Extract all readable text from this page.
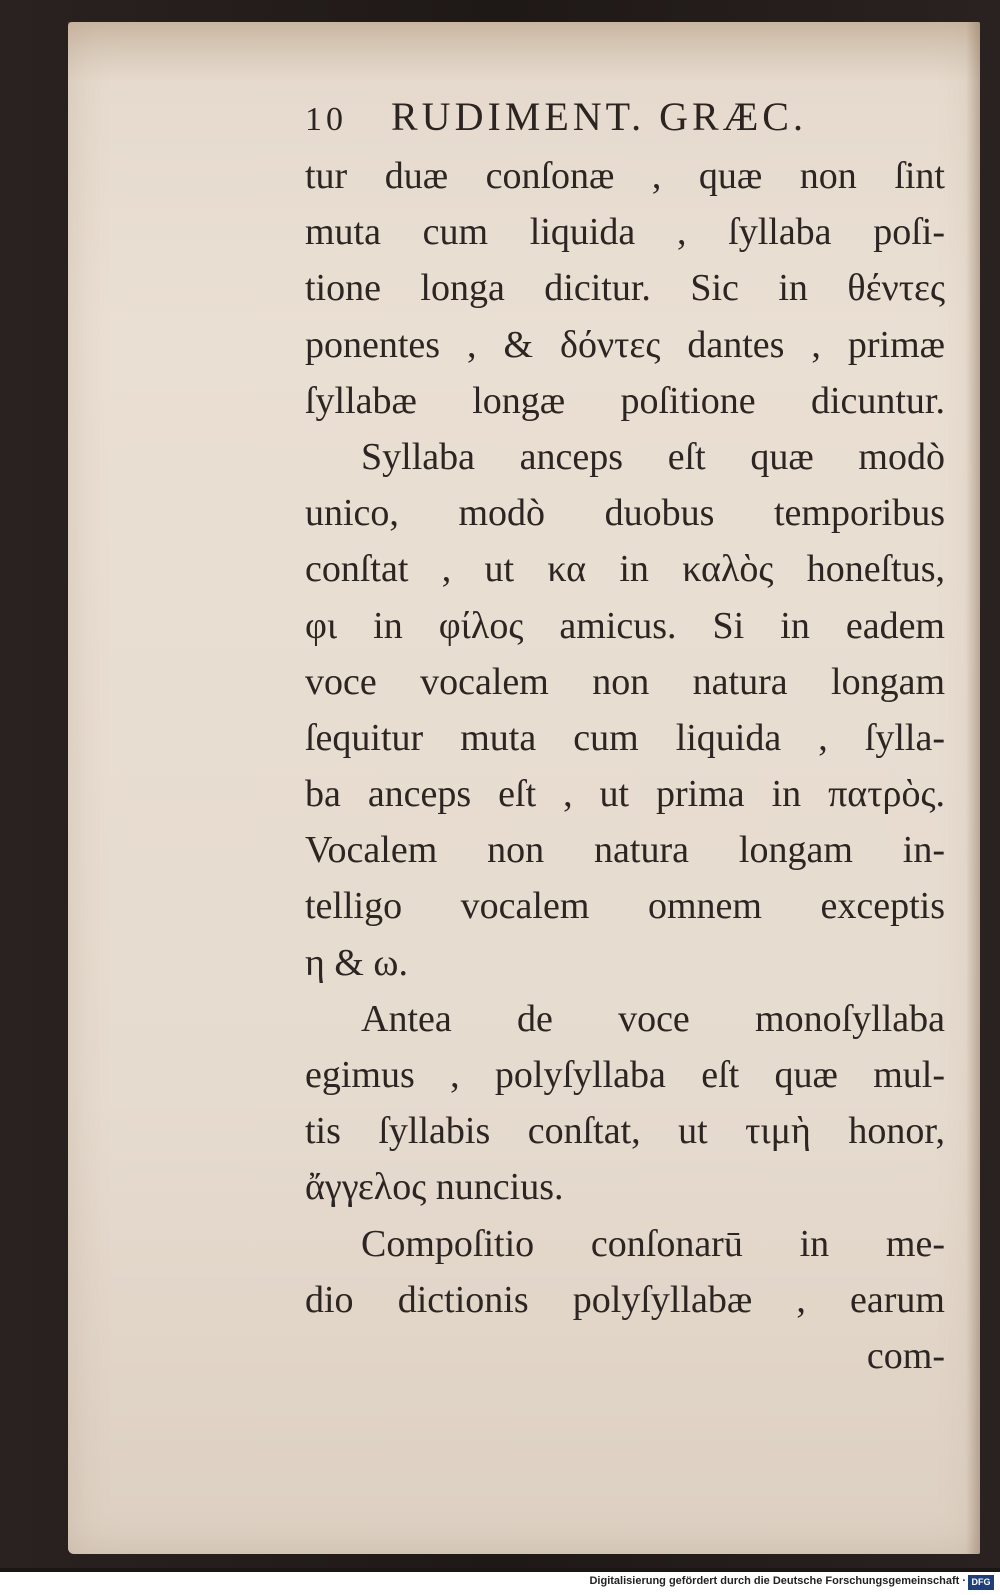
10 RUDIMENT. GRÆC.
tur duæ conſonæ , quæ non ſint
muta cum liquida , ſyllaba poſi-
tione longa dicitur. Sic in θέντες
ponentes , & δόντες dantes , primæ
ſyllabæ longæ poſitione dicuntur.
Syllaba anceps eſt quæ modò
unico, modò duobus temporibus
conſtat , ut κα in καλὸς honeſtus,
φι in φίλος amicus. Si in eadem
voce vocalem non natura longam
ſequitur muta cum liquida , ſylla-
ba anceps eſt , ut prima in πατρὸς.
Vocalem non natura longam in-
telligo vocalem omnem exceptis
η & ω.
Antea de voce monoſyllaba
egimus , polyſyllaba eſt quæ mul-
tis ſyllabis conſtat, ut τιμὴ honor,
ἄγγελος nuncius.
Compoſitio conſonarū in me-
dio dictionis polyſyllabæ , earum
com-
Digitalisierung gefördert durch die Deutsche Forschungsgemeinschaft · DFG
